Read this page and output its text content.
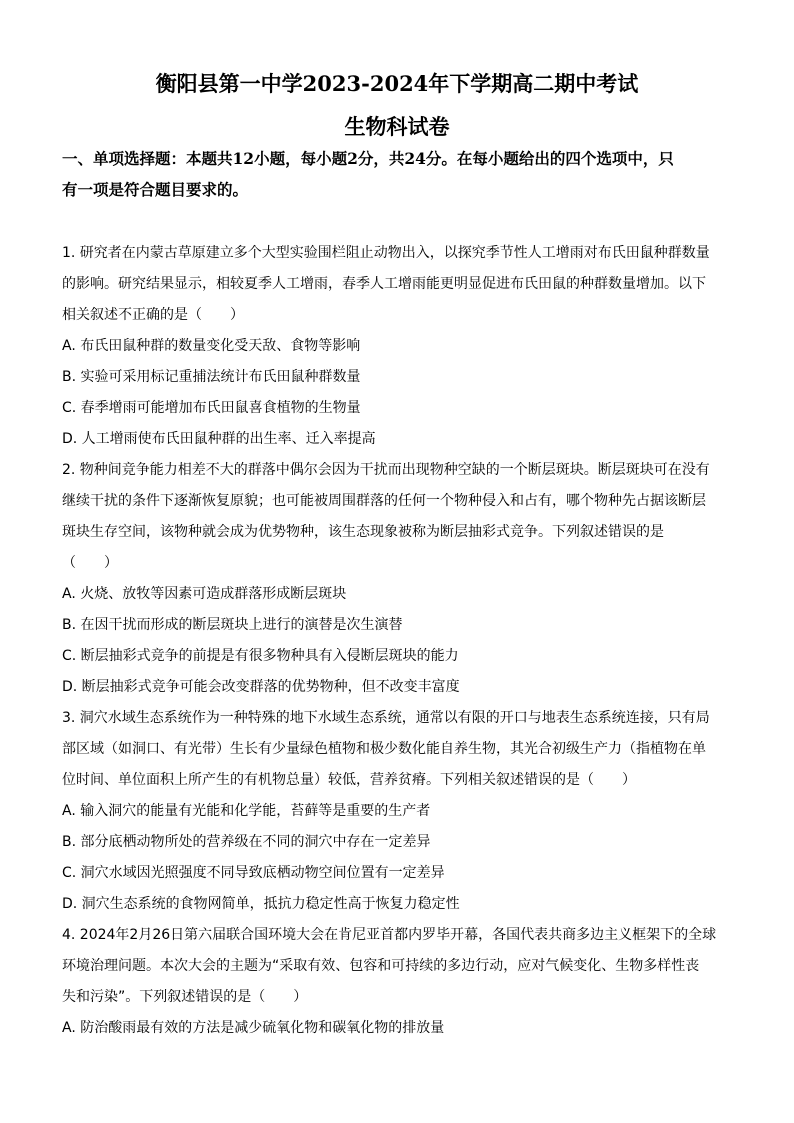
衡阳县第一中学2023-2024年下学期高二期中考试
生物科试卷
一、单项选择题：本题共12小题，每小题2分，共24分。在每小题给出的四个选项中，只 有一项是符合题目要求的。
1. 研究者在内蒙古草原建立多个大型实验围栏阻止动物出入，以探究季节性人工增雨对布氏田鼠种群数量
的影响。研究结果显示，相较夏季人工增雨，春季人工增雨能更明显促进布氏田鼠的种群数量增加。以下
相关叙述不正确的是（　　）
A. 布氏田鼠种群的数量变化受天敌、食物等影响
B. 实验可采用标记重捕法统计布氏田鼠种群数量
C. 春季增雨可能增加布氏田鼠喜食植物的生物量
D. 人工增雨使布氏田鼠种群的出生率、迁入率提高
2. 物种间竞争能力相差不大的群落中偶尔会因为干扰而出现物种空缺的一个断层斑块。断层斑块可在没有
继续干扰的条件下逐渐恢复原貌；也可能被周围群落的任何一个物种侵入和占有，哪个物种先占据该断层
斑块生存空间，该物种就会成为优势物种，该生态现象被称为断层抽彩式竞争。下列叙述错误的是
（　　）
A. 火烧、放牧等因素可造成群落形成断层斑块
B. 在因干扰而形成的断层斑块上进行的演替是次生演替
C. 断层抽彩式竞争的前提是有很多物种具有入侵断层斑块的能力
D. 断层抽彩式竞争可能会改变群落的优势物种，但不改变丰富度
3. 洞穴水域生态系统作为一种特殊的地下水域生态系统，通常以有限的开口与地表生态系统连接，只有局
部区域（如洞口、有光带）生长有少量绿色植物和极少数化能自养生物，其光合初级生产力（指植物在单
位时间、单位面积上所产生的有机物总量）较低，营养贫瘠。下列相关叙述错误的是（　　）
A. 输入洞穴的能量有光能和化学能，苔藓等是重要的生产者
B. 部分底栖动物所处的营养级在不同的洞穴中存在一定差异
C. 洞穴水域因光照强度不同导致底栖动物空间位置有一定差异
D. 洞穴生态系统的食物网简单，抵抗力稳定性高于恢复力稳定性
4. 2024年2月26日第六届联合国环境大会在肯尼亚首都内罗毕开幕，各国代表共商多边主义框架下的全球
环境治理问题。本次大会的主题为“采取有效、包容和可持续的多边行动，应对气候变化、生物多样性丧
失和污染”。下列叙述错误的是（　　）
A. 防治酸雨最有效的方法是减少硫氧化物和碳氧化物的排放量
